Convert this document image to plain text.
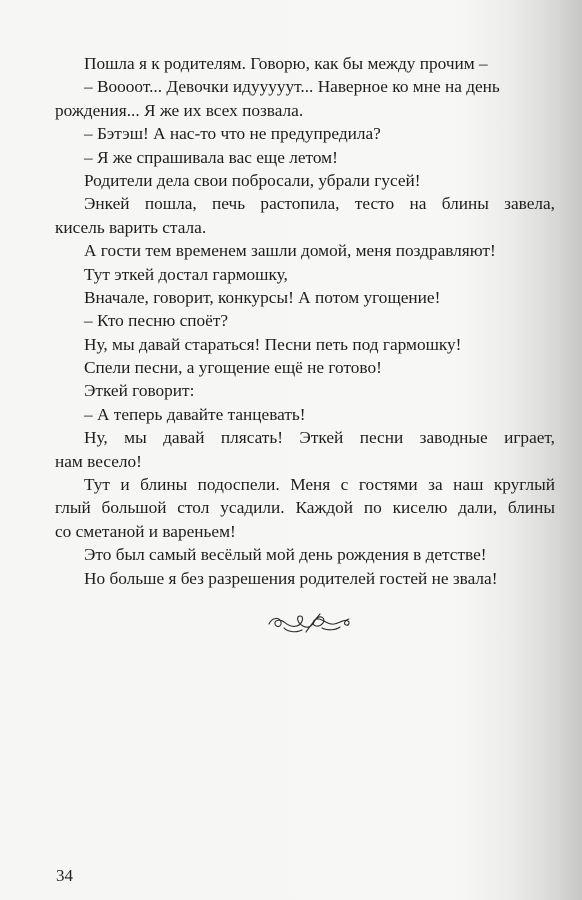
Пошла я к родителям. Говорю, как бы между прочим –
– Воооот... Девочки идууууут... Наверное ко мне на день
рождения... Я же их всех позвала.
– Бэтэш! А нас-то что не предупредила?
– Я же спрашивала вас еще летом!
Родители дела свои побросали, убрали гусей!
Энкей пошла, печь растопила, тесто на блины завела,
кисель варить стала.
А гости тем временем зашли домой, меня поздравляют!
Тут эткей достал гармошку,
Вначале, говорит, конкурсы! А потом угощение!
– Кто песню споёт?
Ну, мы давай стараться! Песни петь под гармошку!
Спели песни, а угощение ещё не готово!
Эткей говорит:
– А теперь давайте танцевать!
Ну, мы давай плясать! Эткей песни заводные играет,
нам весело!
Тут и блины подоспели. Меня с гостями за наш круглый
глый большой стол усадили. Каждой по киселю дали, блины
со сметаной и вареньем!
Это был самый весёлый мой день рождения в детстве!
Но больше я без разрешения родителей гостей не звала!
34
